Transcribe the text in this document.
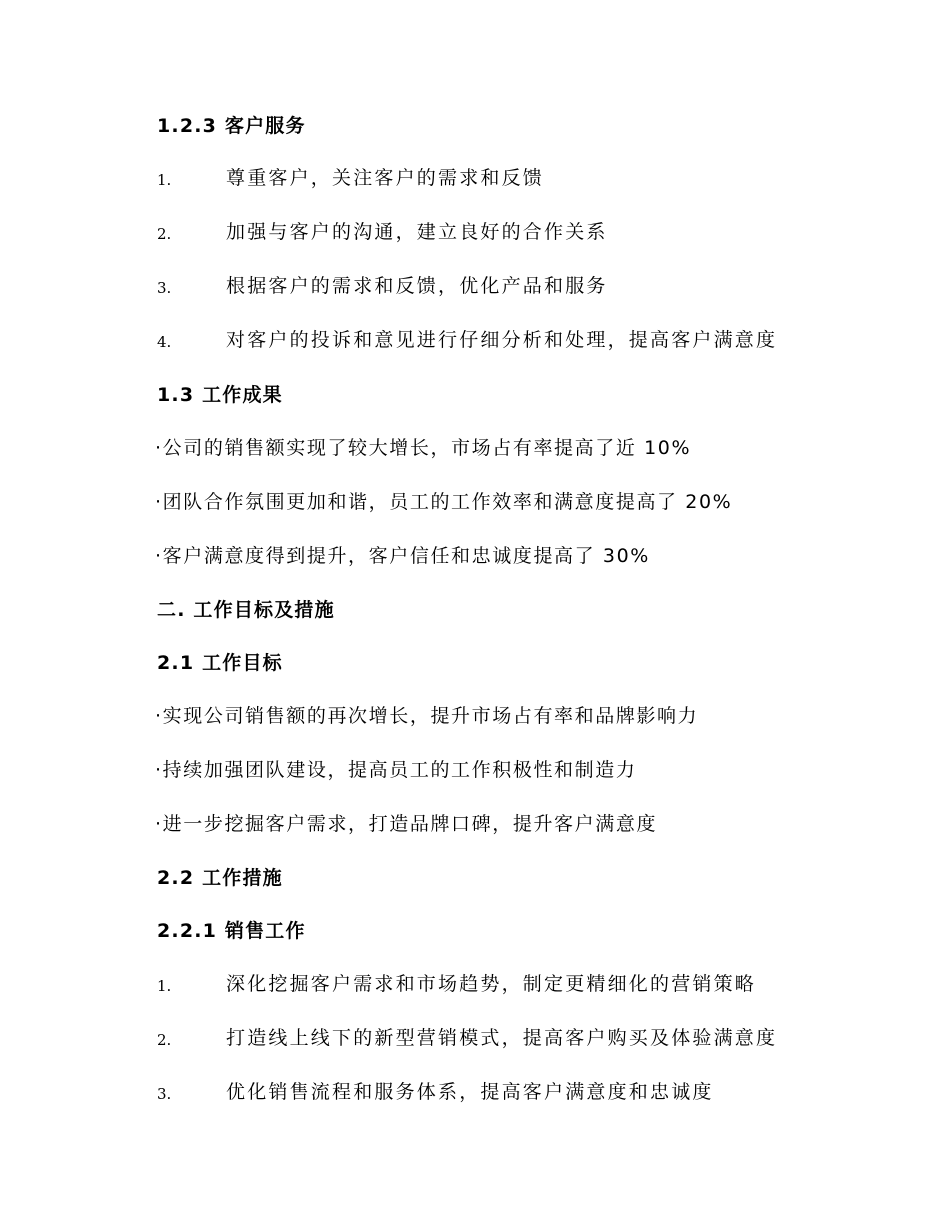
1.2.3 客户服务
1.	尊重客户，关注客户的需求和反馈
2.	加强与客户的沟通，建立良好的合作关系
3.	根据客户的需求和反馈，优化产品和服务
4.	对客户的投诉和意见进行仔细分析和处理，提高客户满意度
1.3 工作成果
·公司的销售额实现了较大增长，市场占有率提高了近 10%
·团队合作氛围更加和谐，员工的工作效率和满意度提高了 20%
·客户满意度得到提升，客户信任和忠诚度提高了 30%
二. 工作目标及措施
2.1 工作目标
·实现公司销售额的再次增长，提升市场占有率和品牌影响力
·持续加强团队建设，提高员工的工作积极性和制造力
·进一步挖掘客户需求，打造品牌口碑，提升客户满意度
2.2 工作措施
2.2.1 销售工作
1.	深化挖掘客户需求和市场趋势，制定更精细化的营销策略
2.	打造线上线下的新型营销模式，提高客户购买及体验满意度
3.	优化销售流程和服务体系，提高客户满意度和忠诚度
